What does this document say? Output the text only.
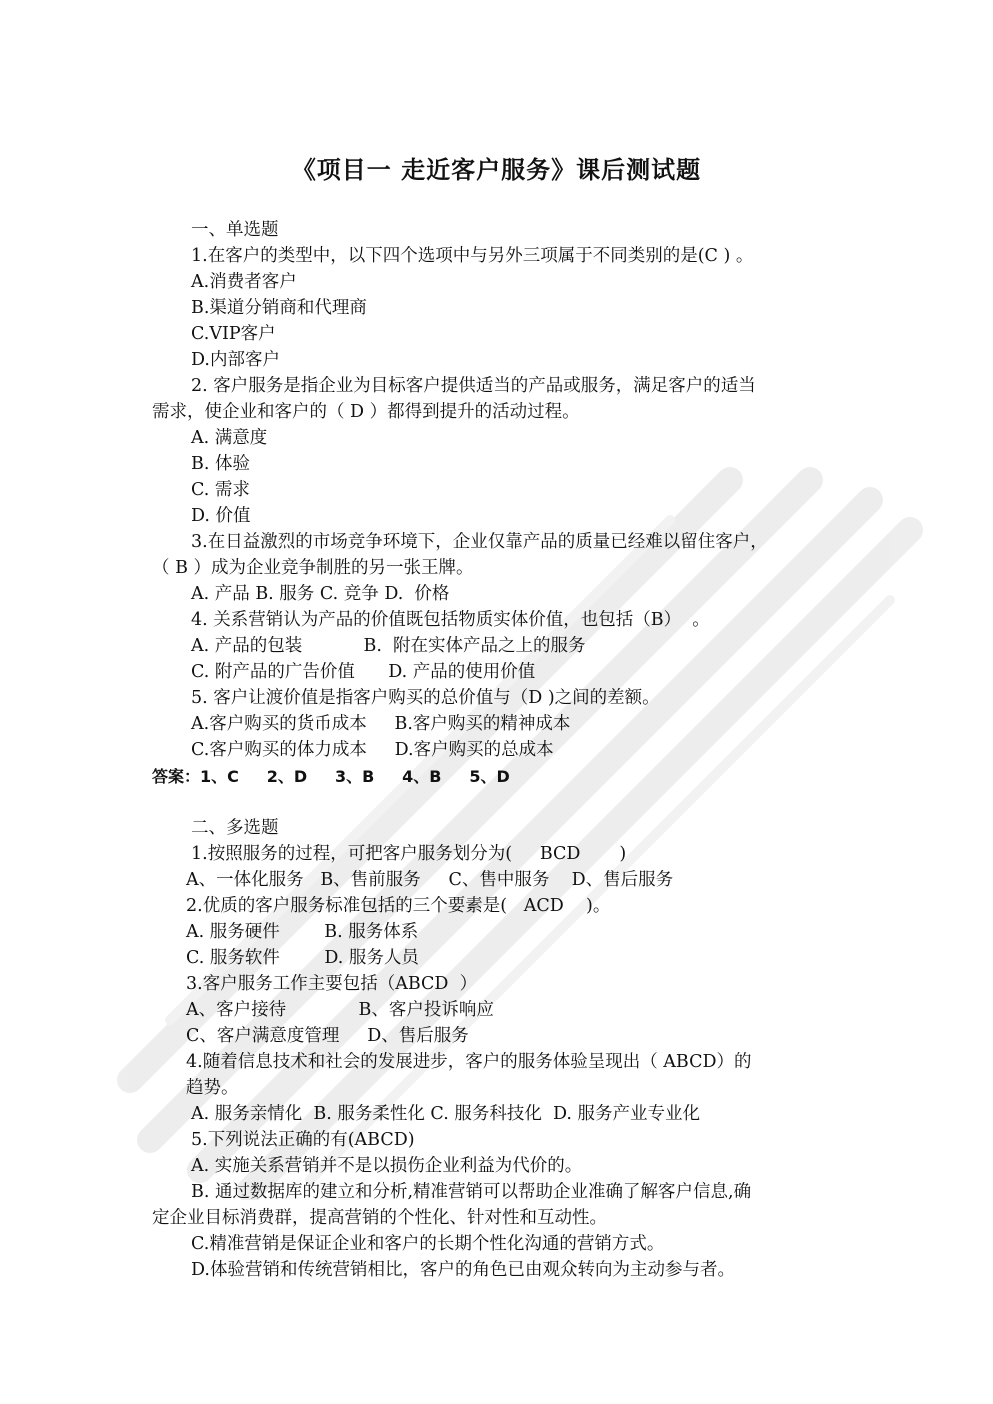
《项目一 走近客户服务》课后测试题
一、单选题
1.在客户的类型中，以下四个选项中与另外三项属于不同类别的是(C ) 。
A.消费者客户
B.渠道分销商和代理商
C.VIP客户
D.内部客户
2. 客户服务是指企业为目标客户提供适当的产品或服务，满足客户的适当
需求，使企业和客户的（ D ）都得到提升的活动过程。
A. 满意度
B. 体验
C. 需求
D. 价值
3.在日益激烈的市场竞争环境下，企业仅靠产品的质量已经难以留住客户，
（ B ）成为企业竞争制胜的另一张王牌。
A. 产品 B. 服务 C. 竞争 D.  价格
4. 关系营销认为产品的价值既包括物质实体价值，也包括（B）  。
A. 产品的包装           B.  附在实体产品之上的服务
C. 附产品的广告价值      D. 产品的使用价值
5. 客户让渡价值是指客户购买的总价值与（D )之间的差额。
A.客户购买的货币成本     B.客户购买的精神成本
C.客户购买的体力成本     D.客户购买的总成本
答案：1、C     2、D     3、B     4、B     5、D
二、多选题
1.按照服务的过程，可把客户服务划分为(     BCD       )
A、一体化服务   B、售前服务     C、售中服务    D、售后服务
2.优质的客户服务标准包括的三个要素是(   ACD    )。
A. 服务硬件        B. 服务体系
C. 服务软件        D. 服务人员
3.客户服务工作主要包括（ABCD  ）
A、客户接待             B、客户投诉响应
C、客户满意度管理     D、售后服务
4.随着信息技术和社会的发展进步，客户的服务体验呈现出（ ABCD）的
趋势。
A. 服务亲情化  B. 服务柔性化 C. 服务科技化  D. 服务产业专业化
5.下列说法正确的有(ABCD)
A. 实施关系营销并不是以损伤企业利益为代价的。
B. 通过数据库的建立和分析,精准营销可以帮助企业准确了解客户信息,确
定企业目标消费群，提高营销的个性化、针对性和互动性。
C.精准营销是保证企业和客户的长期个性化沟通的营销方式。
D.体验营销和传统营销相比，客户的角色已由观众转向为主动参与者。
